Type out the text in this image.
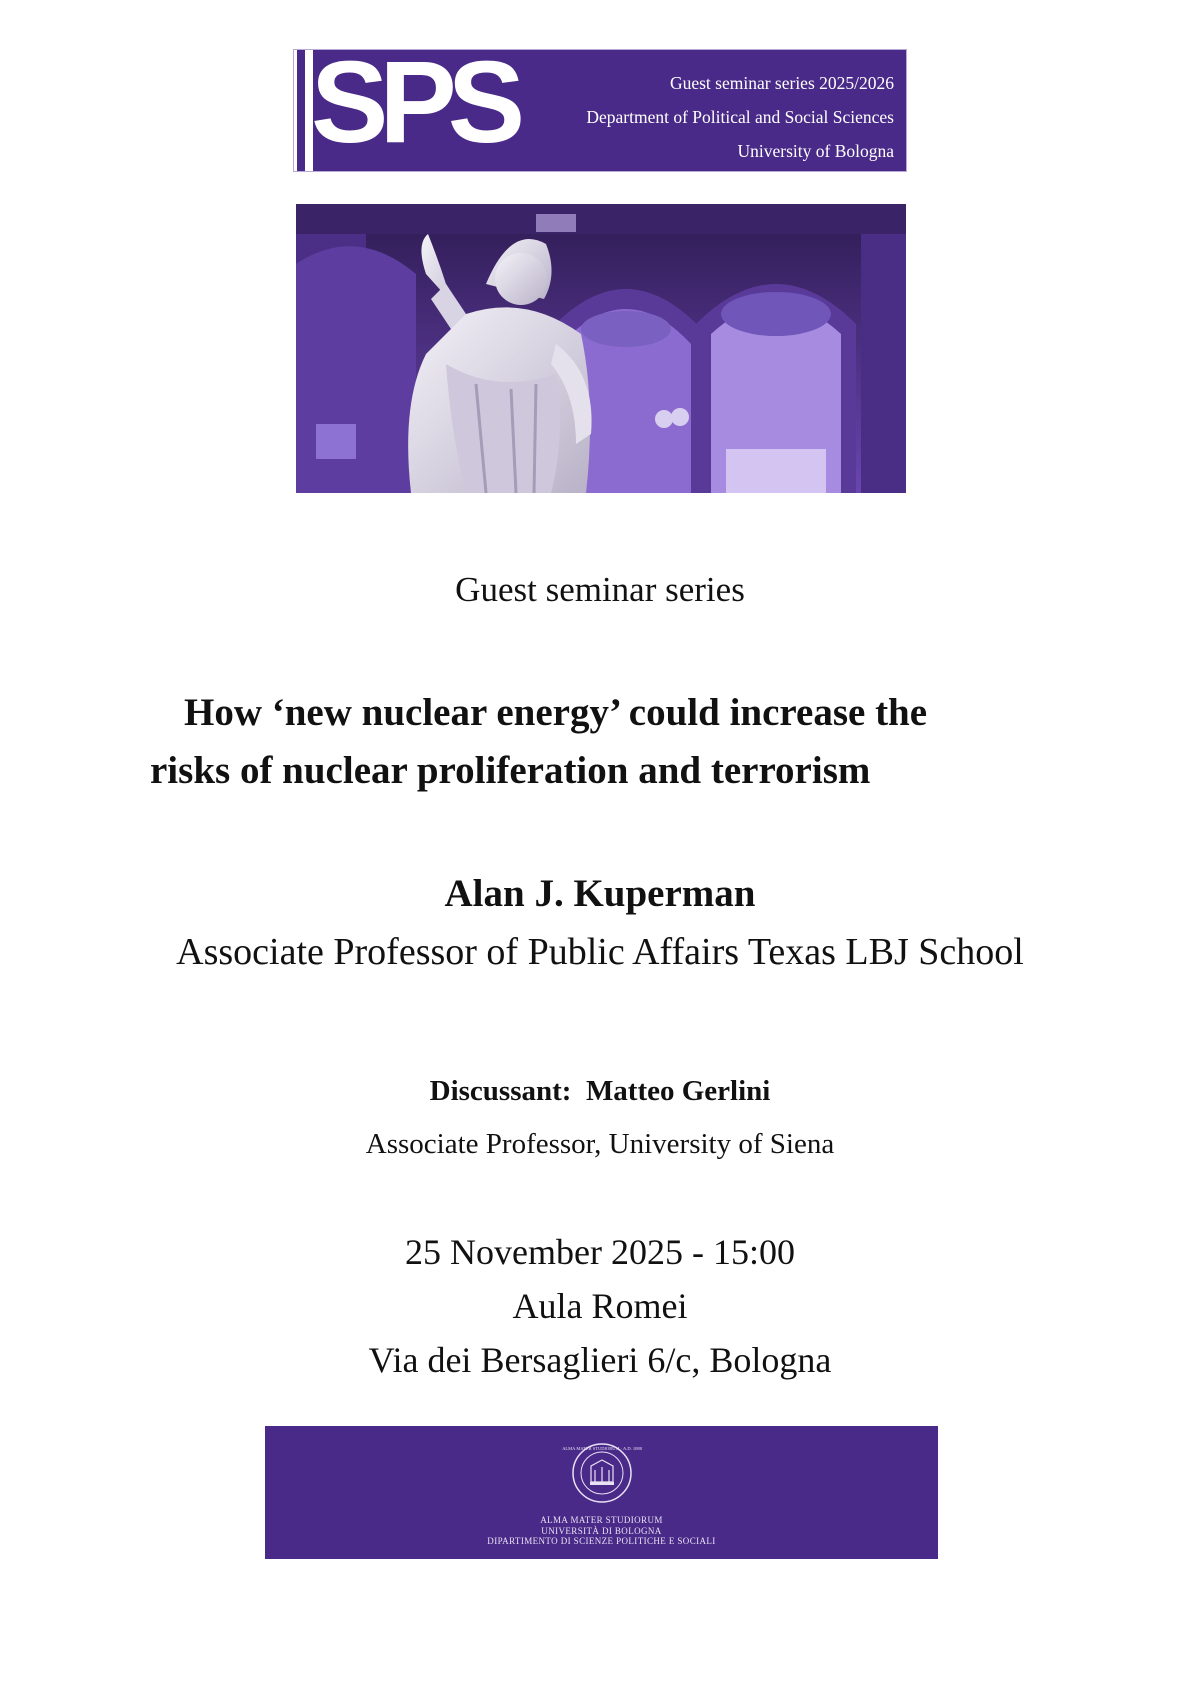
SPS	Guest seminar series 2025/2026
Department of Political and Social Sciences
University of Bologna
Guest seminar series
How ‘new nuclear energy’ could increase the
risks of nuclear proliferation and terrorism
Alan J. Kuperman
Associate Professor of Public Affairs Texas LBJ School
Discussant: Matteo Gerlini
Associate Professor, University of Siena
25 November 2025 - 15:00
Aula Romei
Via dei Bersaglieri 6/c, Bologna
ALMA MATER STUDIORUM · A.D. 1088
ALMA MATER STUDIORUM
UNIVERSITÀ DI BOLOGNA
DIPARTIMENTO DI SCIENZE POLITICHE E SOCIALI
